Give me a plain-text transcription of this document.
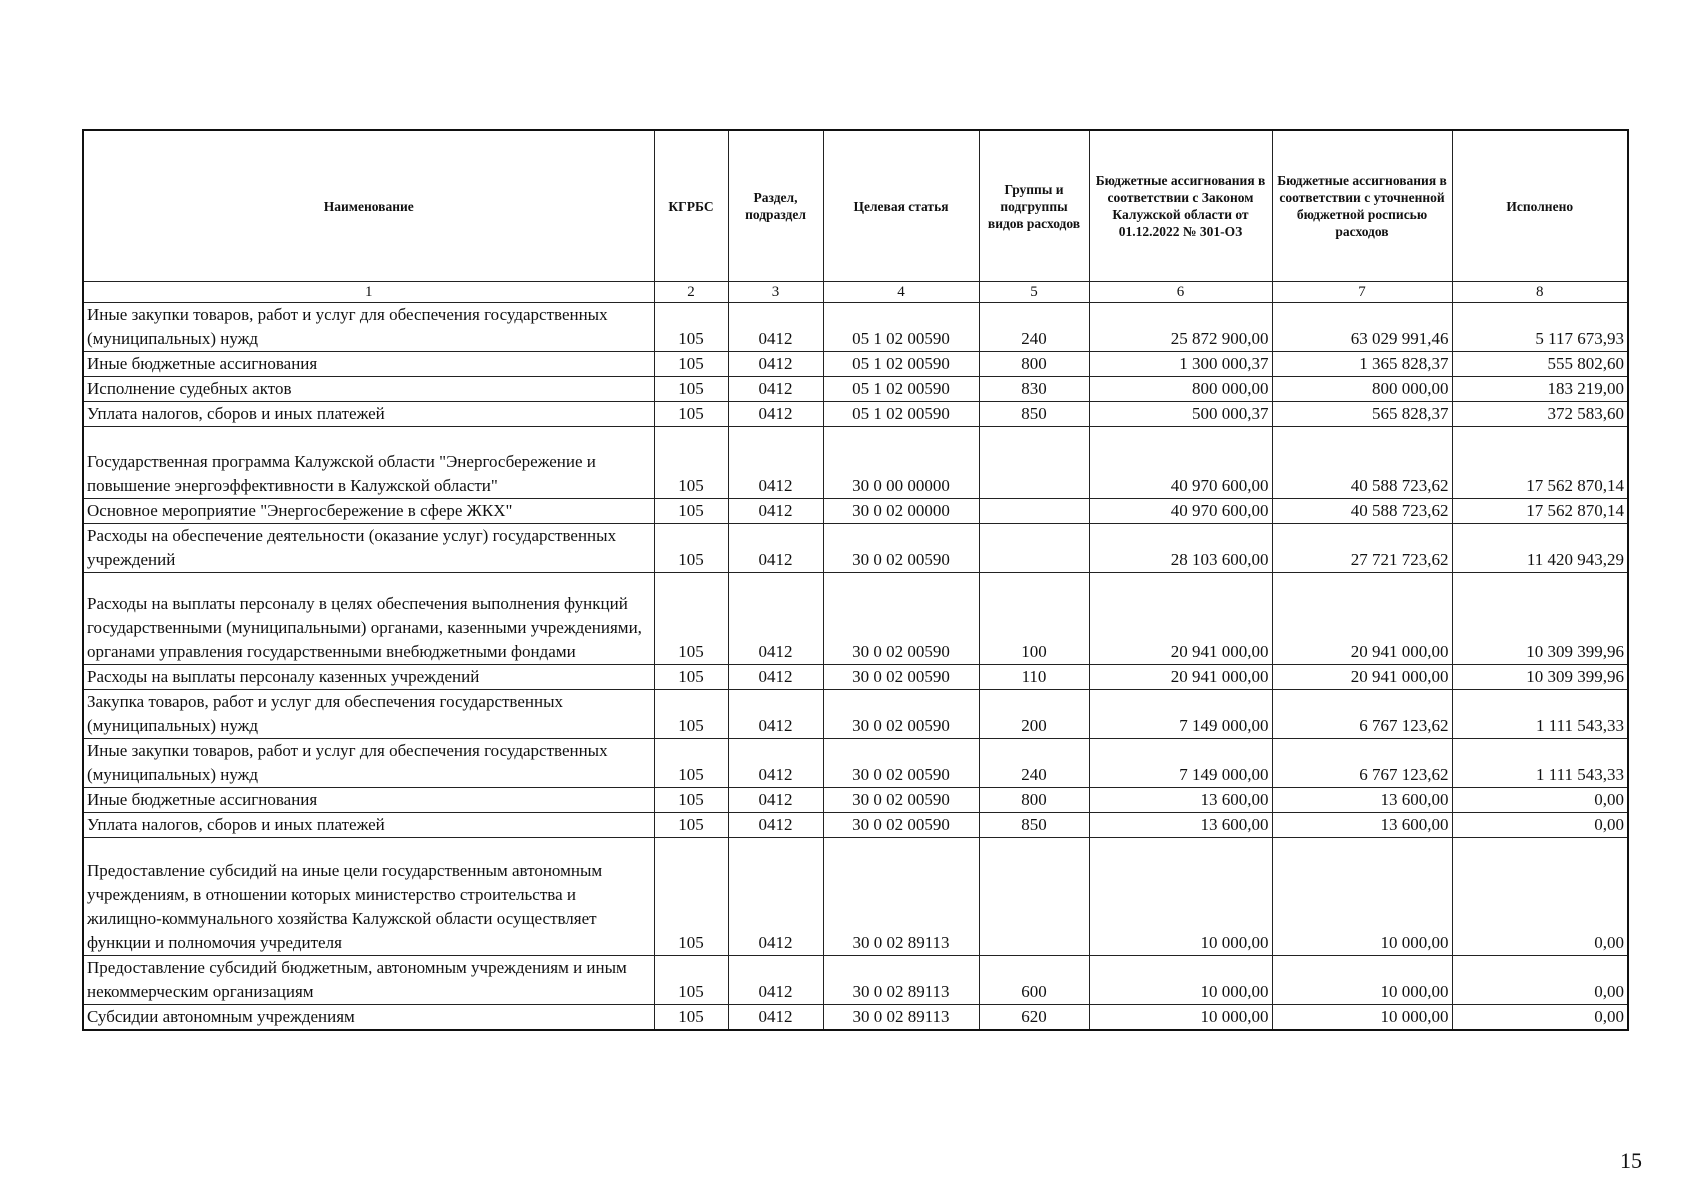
Наименование	КГРБС	Раздел, подраздел	Целевая статья	Группы и подгруппы видов расходов	Бюджетные ассигнования в соответствии с Законом Калужской области от 01.12.2022 № 301-ОЗ	Бюджетные ассигнования в соответствии с уточненной бюджетной росписью расходов	Исполнено
1	2	3	4	5	6	7	8
Иные закупки товаров, работ и услуг для обеспечения государственных (муниципальных) нужд	105	0412	05 1 02 00590	240	25 872 900,00	63 029 991,46	5 117 673,93
Иные бюджетные ассигнования	105	0412	05 1 02 00590	800	1 300 000,37	1 365 828,37	555 802,60
Исполнение судебных актов	105	0412	05 1 02 00590	830	800 000,00	800 000,00	183 219,00
Уплата налогов, сборов и иных платежей	105	0412	05 1 02 00590	850	500 000,37	565 828,37	372 583,60
Государственная программа Калужской области "Энергосбережение и повышение энергоэффективности в Калужской области"	105	0412	30 0 00 00000		40 970 600,00	40 588 723,62	17 562 870,14
Основное мероприятие "Энергосбережение в сфере ЖКХ"	105	0412	30 0 02 00000		40 970 600,00	40 588 723,62	17 562 870,14
Расходы на обеспечение деятельности (оказание услуг) государственных учреждений	105	0412	30 0 02 00590		28 103 600,00	27 721 723,62	11 420 943,29
Расходы на выплаты персоналу в целях обеспечения выполнения функций государственными (муниципальными) органами, казенными учреждениями, органами управления государственными внебюджетными фондами	105	0412	30 0 02 00590	100	20 941 000,00	20 941 000,00	10 309 399,96
Расходы на выплаты персоналу казенных учреждений	105	0412	30 0 02 00590	110	20 941 000,00	20 941 000,00	10 309 399,96
Закупка товаров, работ и услуг для обеспечения государственных (муниципальных) нужд	105	0412	30 0 02 00590	200	7 149 000,00	6 767 123,62	1 111 543,33
Иные закупки товаров, работ и услуг для обеспечения государственных (муниципальных) нужд	105	0412	30 0 02 00590	240	7 149 000,00	6 767 123,62	1 111 543,33
Иные бюджетные ассигнования	105	0412	30 0 02 00590	800	13 600,00	13 600,00	0,00
Уплата налогов, сборов и иных платежей	105	0412	30 0 02 00590	850	13 600,00	13 600,00	0,00
Предоставление субсидий на иные цели государственным автономным учреждениям, в отношении которых министерство строительства и жилищно-коммунального хозяйства Калужской области осуществляет функции и полномочия учредителя	105	0412	30 0 02 89113		10 000,00	10 000,00	0,00
Предоставление субсидий бюджетным, автономным учреждениям и иным некоммерческим организациям	105	0412	30 0 02 89113	600	10 000,00	10 000,00	0,00
Субсидии автономным учреждениям	105	0412	30 0 02 89113	620	10 000,00	10 000,00	0,00
15
